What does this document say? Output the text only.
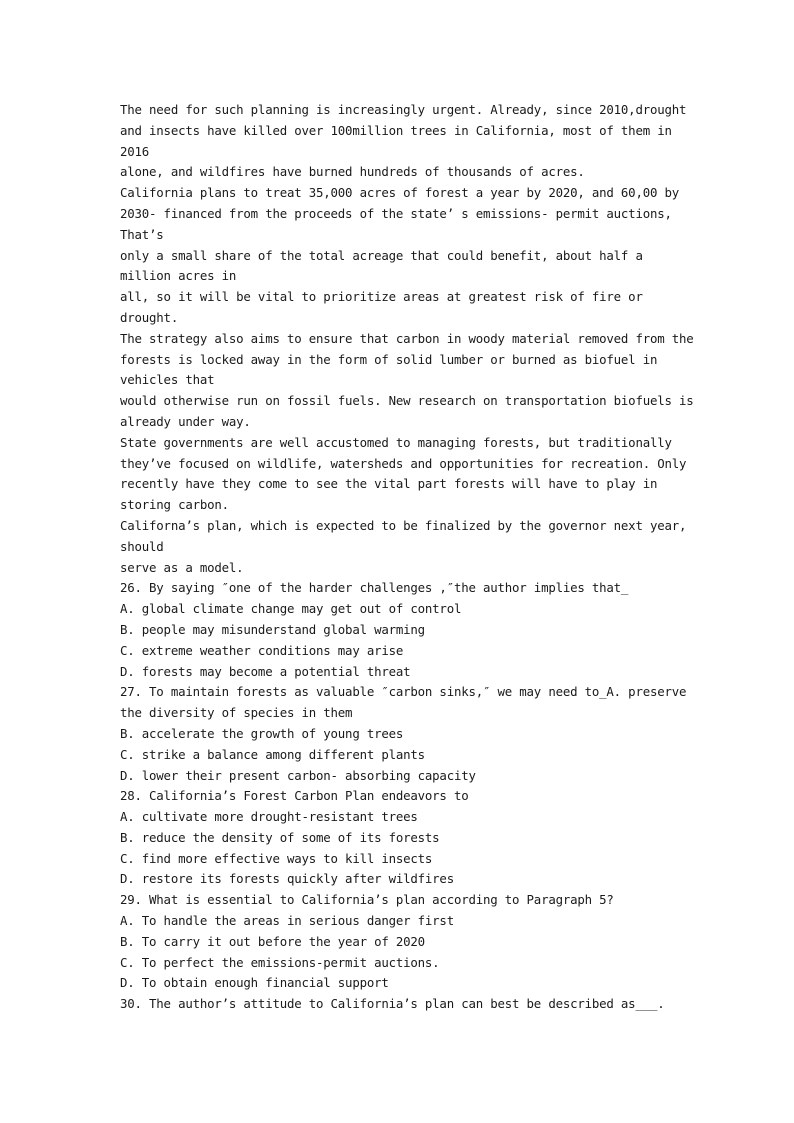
The need for such planning is increasingly urgent. Already, since 2010,drought
and insects have killed over 100million trees in California, most of them in
2016
alone, and wildfires have burned hundreds of thousands of acres.
California plans to treat 35,000 acres of forest a year by 2020, and 60,00 by
2030- financed from the proceeds of the state’ s emissions- permit auctions,
That’s
only a small share of the total acreage that could benefit, about half a
million acres in
all, so it will be vital to prioritize areas at greatest risk of fire or
drought.
The strategy also aims to ensure that carbon in woody material removed from the
forests is locked away in the form of solid lumber or burned as biofuel in
vehicles that
would otherwise run on fossil fuels. New research on transportation biofuels is
already under way.
State governments are well accustomed to managing forests, but traditionally
they’ve focused on wildlife, watersheds and opportunities for recreation. Only
recently have they come to see the vital part forests will have to play in
storing carbon.
Californa’s plan, which is expected to be finalized by the governor next year,
should
serve as a model.
26. By saying ″one of the harder challenges ,″the author implies that_
A. global climate change may get out of control
B. people may misunderstand global warming
C. extreme weather conditions may arise
D. forests may become a potential threat
27. To maintain forests as valuable ″carbon sinks,″ we may need to_A. preserve
the diversity of species in them
B. accelerate the growth of young trees
C. strike a balance among different plants
D. lower their present carbon- absorbing capacity
28. California’s Forest Carbon Plan endeavors to
A. cultivate more drought-resistant trees
B. reduce the density of some of its forests
C. find more effective ways to kill insects
D. restore its forests quickly after wildfires
29. What is essential to California’s plan according to Paragraph 5?
A. To handle the areas in serious danger first
B. To carry it out before the year of 2020
C. To perfect the emissions-permit auctions.
D. To obtain enough financial support
30. The author’s attitude to California’s plan can best be described as___.
